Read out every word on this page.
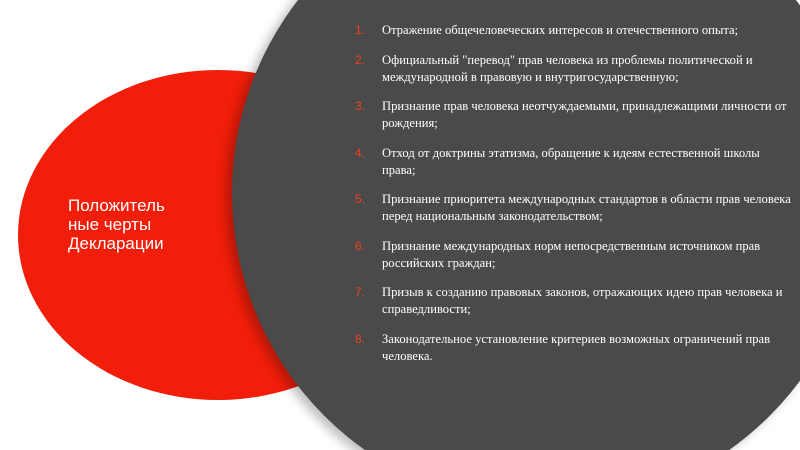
Положитель
ные черты
Декларации
1. Отражение общечеловеческих интересов и отечественного опыта;
2. Официальный "перевод" прав человека из проблемы политической и международной в правовую и внутригосударственную;
3. Признание прав человека неотчуждаемыми, принадлежащими личности от рождения;
4. Отход от доктрины этатизма, обращение к идеям естественной школы права;
5. Признание приоритета международных стандартов в области прав человека перед национальным законодательством;
6. Признание международных норм непосредственным источником прав российских граждан;
7. Призыв к созданию правовых законов, отражающих идею прав человека и справедливости;
8. Законодательное установление критериев возможных ограничений прав человека.
